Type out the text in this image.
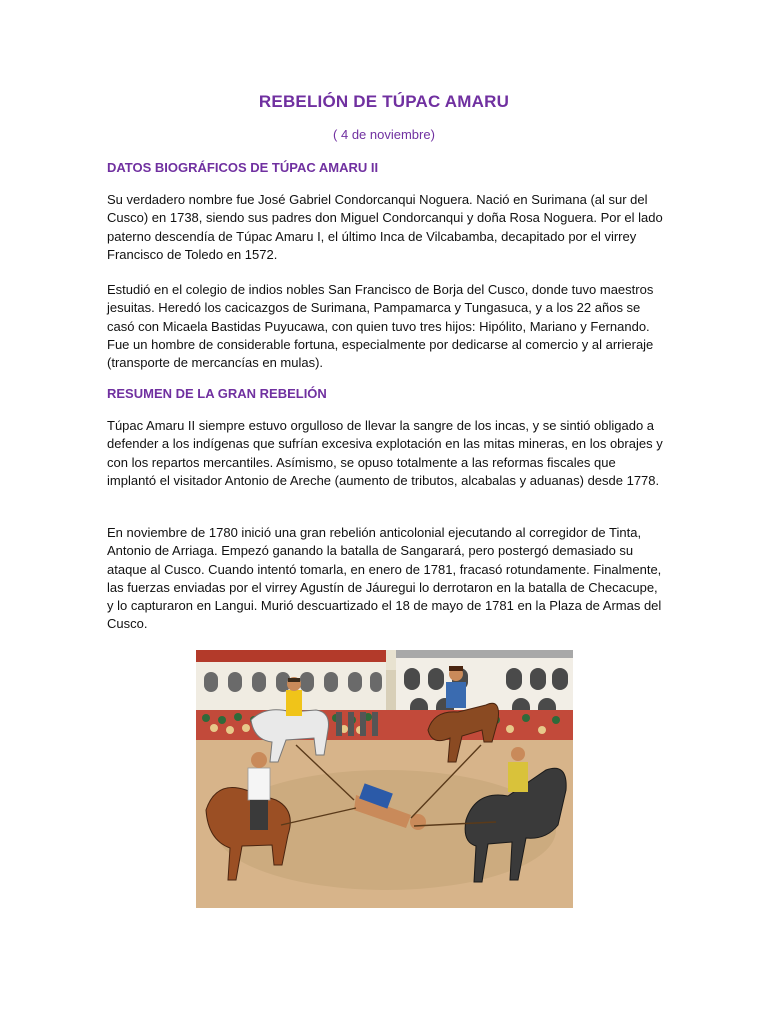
REBELIÓN DE TÚPAC AMARU
( 4 de noviembre)
DATOS BIOGRÁFICOS DE TÚPAC AMARU II

Su verdadero nombre fue José Gabriel Condorcanqui Noguera. Nació en Surimana (al sur del Cusco) en 1738, siendo sus padres don Miguel Condorcanqui y doña Rosa Noguera. Por el lado paterno descendía de Túpac Amaru I, el último Inca de Vilcabamba, decapitado por el virrey Francisco de Toledo en 1572.

Estudió en el colegio de indios nobles San Francisco de Borja del Cusco, donde tuvo maestros jesuitas. Heredó los cacicazgos de Surimana, Pampamarca y Tungasuca, y a los 22 años se casó con Micaela Bastidas Puyucawa, con quien tuvo tres hijos: Hipólito, Mariano y Fernando. Fue un hombre de considerable fortuna, especialmente por dedicarse al comercio y al arrieraje (transporte de mercancías en mulas).

RESUMEN DE LA GRAN REBELIÓN

Túpac Amaru II siempre estuvo orgulloso de llevar la sangre de los incas, y se sintió obligado a defender a los indígenas que sufrían excesiva explotación en las mitas mineras, en los obrajes y con los repartos mercantiles. Asímismo, se opuso totalmente a las reformas fiscales que implantó el visitador Antonio de Areche (aumento de tributos, alcabalas y aduanas) desde 1778.

En noviembre de 1780 inició una gran rebelión anticolonial ejecutando al corregidor de Tinta, Antonio de Arriaga. Empezó ganando la batalla de Sangarará, pero postergó demasiado su ataque al Cusco. Cuando intentó tomarla, en enero de 1781, fracasó rotundamente. Finalmente, las fuerzas enviadas por el virrey Agustín de Jáuregui lo derrotaron en la batalla de Checacupe, y lo capturaron en Langui. Murió descuartizado el 18 de mayo de 1781 en la Plaza de Armas del Cusco.
